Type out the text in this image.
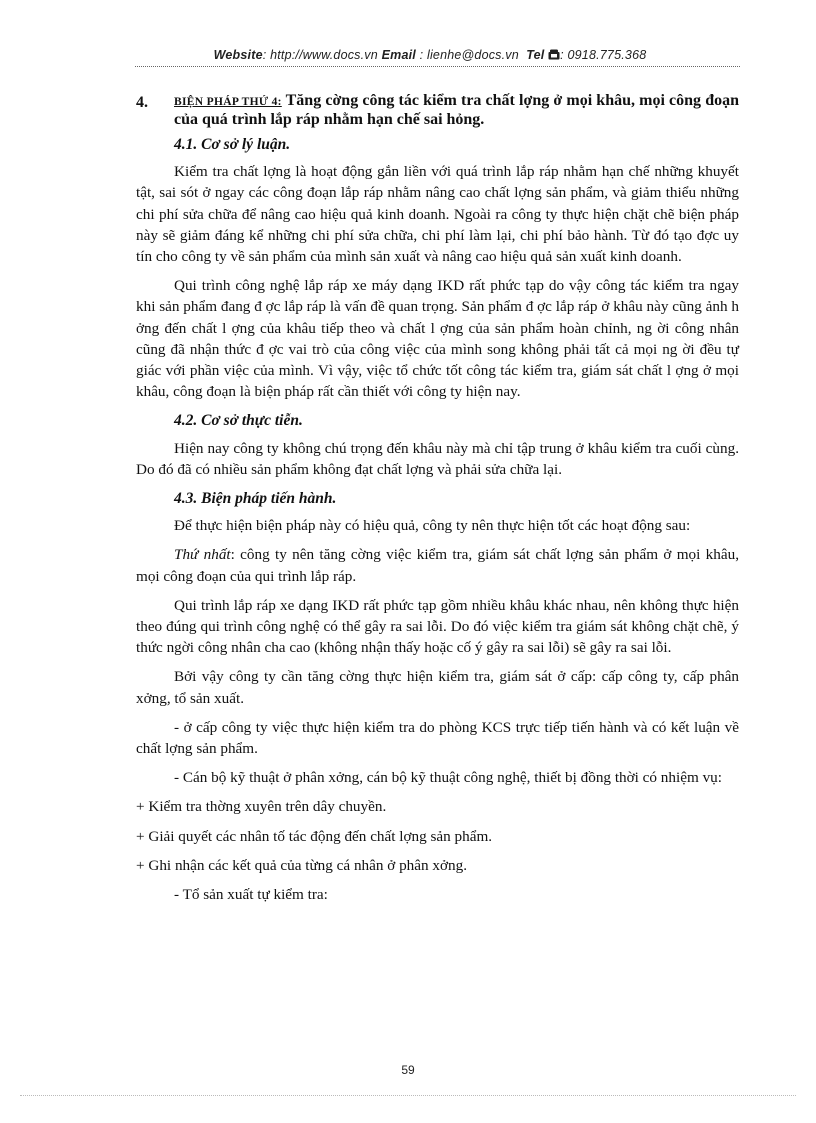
Website: http://www.docs.vn Email : lienhe@docs.vn Tel : 0918.775.368
4.	BIỆN PHÁP THỨ 4: Tăng cờng công tác kiểm tra chất lợng ở mọi khâu, mọi công đoạn của quá trình lắp ráp nhằm hạn chế sai hỏng.
4.1. Cơ sở lý luận.

Kiểm tra chất lợng là hoạt động gắn liền với quá trình lắp ráp nhằm hạn chế những khuyết tật, sai sót ở ngay các công đoạn lắp ráp nhằm nâng cao chất lợng sản phẩm, và giảm thiểu những chi phí sửa chữa để nâng cao hiệu quả kinh doanh. Ngoài ra công ty thực hiện chặt chẽ biện pháp này sẽ giảm đáng kể những chi phí sửa chữa, chi phí làm lại, chi phí bảo hành. Từ đó tạo đợc uy tín cho công ty về sản phẩm của mình sản xuất và nâng cao hiệu quả sản xuất kinh doanh.

Qui trình công nghệ lắp ráp xe máy dạng IKD rất phức tạp do vậy công tác kiểm tra ngay khi sản phẩm đang đ ợc lắp ráp là vấn đề quan trọng. Sản phẩm đ ợc lắp ráp ở khâu này cũng ảnh h ởng đến chất l ợng của khâu tiếp theo và chất l ợng của sản phẩm hoàn chỉnh, ng ời công nhân cũng đã nhận thức đ ợc vai trò của công việc của mình song không phải tất cả mọi ng ời đều tự giác với phần việc của mình. Vì vậy, việc tổ chức tốt công tác kiểm tra, giám sát chất l ợng ở mọi khâu, công đoạn là biện pháp rất cần thiết với công ty hiện nay.

4.2. Cơ sở thực tiễn.

Hiện nay công ty không chú trọng đến khâu này mà chỉ tập trung ở khâu kiểm tra cuối cùng. Do đó đã có nhiều sản phẩm không đạt chất lợng và phải sửa chữa lại.

4.3. Biện pháp tiến hành.

Để thực hiện biện pháp này có hiệu quả, công ty nên thực hiện tốt các hoạt động sau:

Thứ nhất: công ty nên tăng cờng việc kiểm tra, giám sát chất lợng sản phẩm ở mọi khâu, mọi công đoạn của qui trình lắp ráp.

Qui trình lắp ráp xe dạng IKD rất phức tạp gồm nhiều khâu khác nhau, nên không thực hiện theo đúng qui trình công nghệ có thể gây ra sai lỗi. Do đó việc kiểm tra giám sát không chặt chẽ, ý thức ngời công nhân cha cao (không nhận thấy hoặc cố ý gây ra sai lỗi) sẽ gây ra sai lỗi.

Bởi vậy công ty cần tăng cờng thực hiện kiểm tra, giám sát ở cấp: cấp công ty, cấp phân xởng, tổ sản xuất.

- ở cấp công ty việc thực hiện kiểm tra do phòng KCS trực tiếp tiến hành và có kết luận về chất lợng sản phẩm.

- Cán bộ kỹ thuật ở phân xởng, cán bộ kỹ thuật công nghệ, thiết bị đồng thời có nhiệm vụ:

+ Kiểm tra thờng xuyên trên dây chuyền.

+ Giải quyết các nhân tố tác động đến chất lợng sản phẩm.

+ Ghi nhận các kết quả của từng cá nhân ở phân xởng.

- Tổ sản xuất tự kiểm tra:

59
